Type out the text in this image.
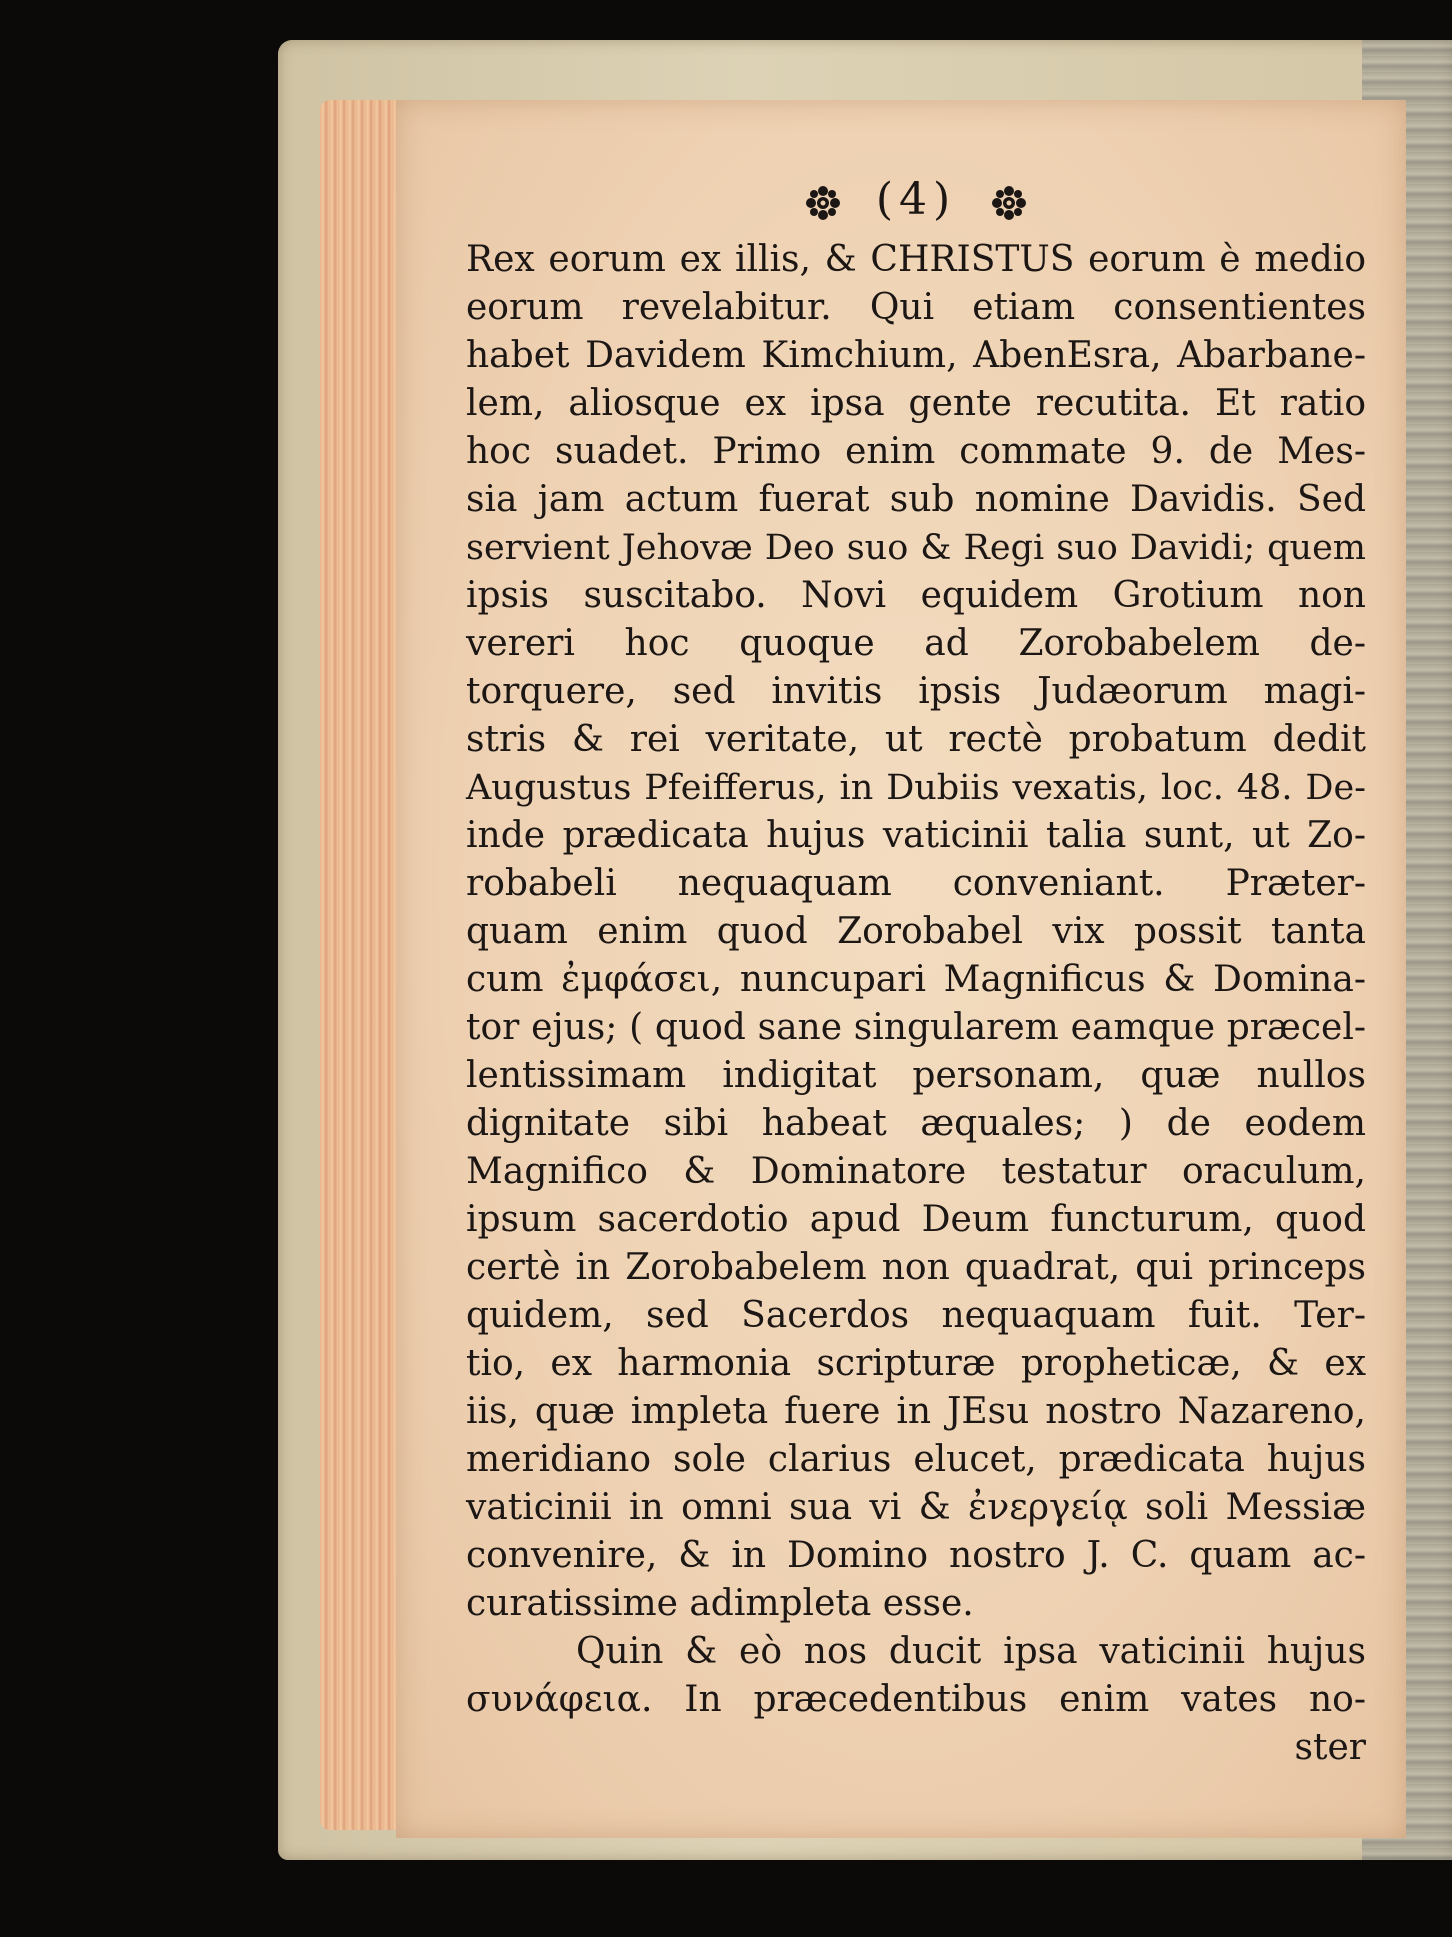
(4)
Rex eorum ex illis, & CHRISTUS eorum è medio
eorum revelabitur. Qui etiam consentientes
habet Davidem Kimchium, AbenEsra, Abarbane-
lem, aliosque ex ipsa gente recutita. Et ratio
hoc suadet. Primo enim commate 9. de Mes-
sia jam actum fuerat sub nomine Davidis. Sed
servient Jehovæ Deo suo & Regi suo Davidi; quem
ipsis suscitabo. Novi equidem Grotium non
vereri hoc quoque ad Zorobabelem de-
torquere, sed invitis ipsis Judæorum magi-
stris & rei veritate, ut rectè probatum dedit
Augustus Pfeifferus, in Dubiis vexatis, loc. 48. De-
inde prædicata hujus vaticinii talia sunt, ut Zo-
robabeli nequaquam conveniant. Præter-
quam enim quod Zorobabel vix possit tanta
cum ἐμφάσει, nuncupari Magnificus & Domina-
tor ejus; ( quod sane singularem eamque præcel-
lentissimam indigitat personam, quæ nullos
dignitate sibi habeat æquales; ) de eodem
Magnifico & Dominatore testatur oraculum,
ipsum sacerdotio apud Deum functurum, quod
certè in Zorobabelem non quadrat, qui princeps
quidem, sed Sacerdos nequaquam fuit. Ter-
tio, ex harmonia scripturæ propheticæ, & ex
iis, quæ impleta fuere in JEsu nostro Nazareno,
meridiano sole clarius elucet, prædicata hujus
vaticinii in omni sua vi & ἐνεργείᾳ soli Messiæ
convenire, & in Domino nostro J. C. quam ac-
curatissime adimpleta esse.
Quin & eò nos ducit ipsa vaticinii hujus
συνάφεια. In præcedentibus enim vates no-
ster
